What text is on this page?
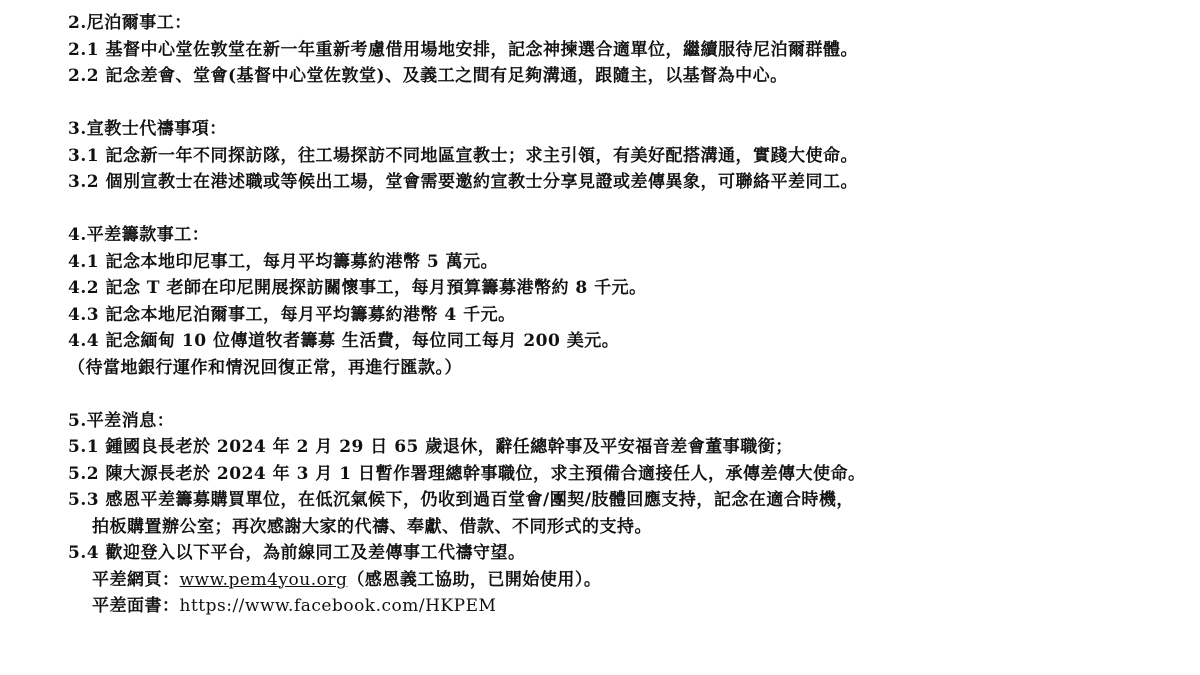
2.尼泊爾事工：
2.1 基督中心堂佐敦堂在新一年重新考慮借用場地安排，記念神揀選合適單位，繼續服待尼泊爾群體。
2.2 記念差會、堂會(基督中心堂佐敦堂)、及義工之間有足夠溝通，跟隨主，以基督為中心。
3.宣教士代禱事項：
3.1 記念新一年不同探訪隊，往工場探訪不同地區宣教士；求主引領，有美好配搭溝通，實踐大使命。
3.2 個別宣教士在港述職或等候出工場，堂會需要邀約宣教士分享見證或差傳異象，可聯絡平差同工。
4.平差籌款事工：
4.1 記念本地印尼事工，每月平均籌募約港幣 5 萬元。
4.2 記念 T 老師在印尼開展探訪關懷事工，每月預算籌募港幣約 8 千元。
4.3 記念本地尼泊爾事工，每月平均籌募約港幣 4 千元。
4.4 記念緬甸 10 位傳道牧者籌募 生活費，每位同工每月 200 美元。
（待當地銀行運作和情況回復正常，再進行匯款。）
5.平差消息：
5.1 鍾國良長老於 2024 年 2 月 29 日 65 歲退休，辭任總幹事及平安福音差會董事職銜；
5.2 陳大源長老於 2024 年 3 月 1 日暫作署理總幹事職位，求主預備合適接任人，承傳差傳大使命。
5.3 感恩平差籌募購買單位，在低沉氣候下，仍收到過百堂會/團契/肢體回應支持，記念在適合時機，
拍板購置辦公室；再次感謝大家的代禱、奉獻、借款、不同形式的支持。
5.4 歡迎登入以下平台，為前線同工及差傳事工代禱守望。
平差網頁：www.pem4you.org（感恩義工協助，已開始使用）。
平差面書：https://www.facebook.com/HKPEM
